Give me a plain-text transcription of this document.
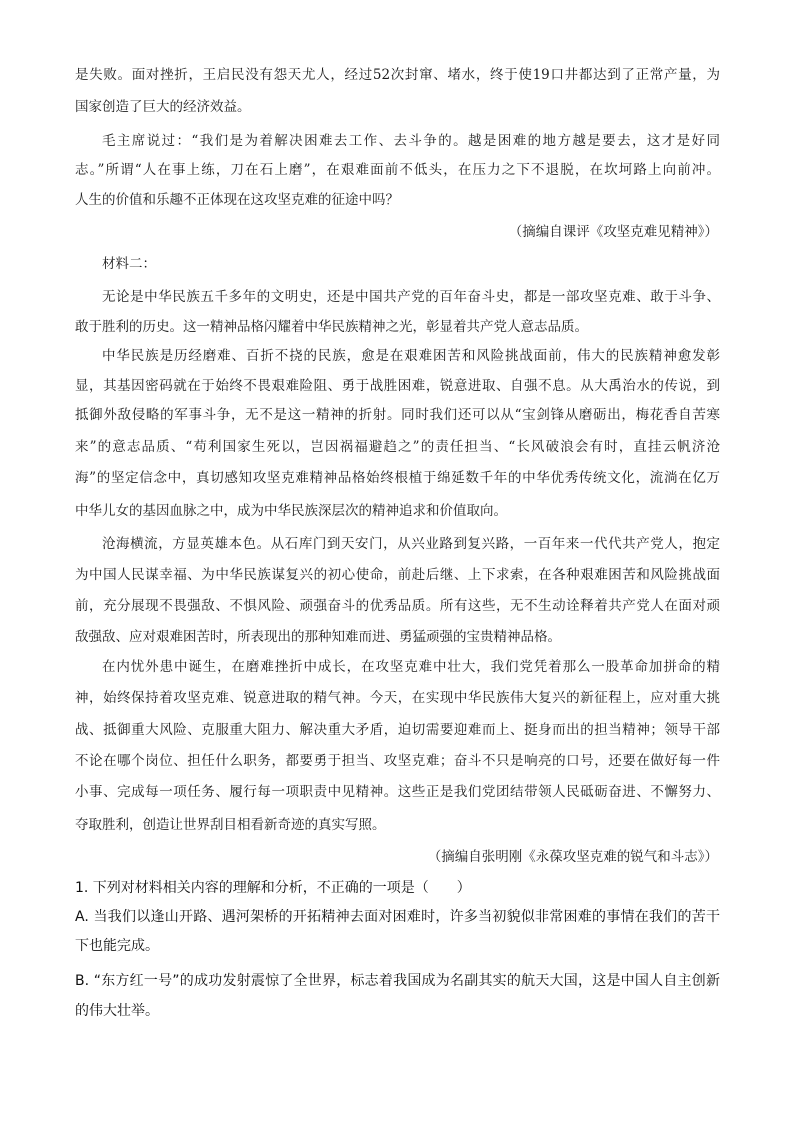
是失败。面对挫折，王启民没有怨天尤人，经过52次封窜、堵水，终于使19口井都达到了正常产量，为
国家创造了巨大的经济效益。
毛主席说过：“我们是为着解决困难去工作、去斗争的。越是困难的地方越是要去，这才是好同
志。”所谓“人在事上练，刀在石上磨”，在艰难面前不低头，在压力之下不退脱，在坎坷路上向前冲。
人生的价值和乐趣不正体现在这攻坚克难的征途中吗？
（摘编自课评《攻坚克难见精神》）
材料二：
无论是中华民族五千多年的文明史，还是中国共产党的百年奋斗史，都是一部攻坚克难、敢于斗争、
敢于胜利的历史。这一精神品格闪耀着中华民族精神之光，彰显着共产党人意志品质。
中华民族是历经磨难、百折不挠的民族，愈是在艰难困苦和风险挑战面前，伟大的民族精神愈发彰
显，其基因密码就在于始终不畏艰难险阻、勇于战胜困难，锐意进取、自强不息。从大禹治水的传说，到
抵御外敌侵略的军事斗争，无不是这一精神的折射。同时我们还可以从“宝剑锋从磨砺出，梅花香自苦寒
来”的意志品质、“苟利国家生死以，岂因祸福避趋之”的责任担当、“长风破浪会有时，直挂云帆济沧
海”的坚定信念中，真切感知攻坚克难精神品格始终根植于绵延数千年的中华优秀传统文化，流淌在亿万
中华儿女的基因血脉之中，成为中华民族深层次的精神追求和价值取向。
沧海横流，方显英雄本色。从石库门到天安门，从兴业路到复兴路，一百年来一代代共产党人，抱定
为中国人民谋幸福、为中华民族谋复兴的初心使命，前赴后继、上下求索，在各种艰难困苦和风险挑战面
前，充分展现不畏强敌、不惧风险、顽强奋斗的优秀品质。所有这些，无不生动诠释着共产党人在面对顽
敌强敌、应对艰难困苦时，所表现出的那种知难而进、勇猛顽强的宝贵精神品格。
在内忧外患中诞生，在磨难挫折中成长，在攻坚克难中壮大，我们党凭着那么一股革命加拼命的精
神，始终保持着攻坚克难、锐意进取的精气神。今天，在实现中华民族伟大复兴的新征程上，应对重大挑
战、抵御重大风险、克服重大阻力、解决重大矛盾，迫切需要迎难而上、挺身而出的担当精神；领导干部
不论在哪个岗位、担任什么职务，都要勇于担当、攻坚克难；奋斗不只是响亮的口号，还要在做好每一件
小事、完成每一项任务、履行每一项职责中见精神。这些正是我们党团结带领人民砥砺奋进、不懈努力、
夺取胜利，创造让世界刮目相看新奇迹的真实写照。
（摘编自张明刚《永葆攻坚克难的锐气和斗志》）
1. 下列对材料相关内容的理解和分析，不正确的一项是（　　）
A. 当我们以逢山开路、遇河架桥的开拓精神去面对困难时，许多当初貌似非常困难的事情在我们的苦干
下也能完成。
B. “东方红一号”的成功发射震惊了全世界，标志着我国成为名副其实的航天大国，这是中国人自主创新
的伟大壮举。
